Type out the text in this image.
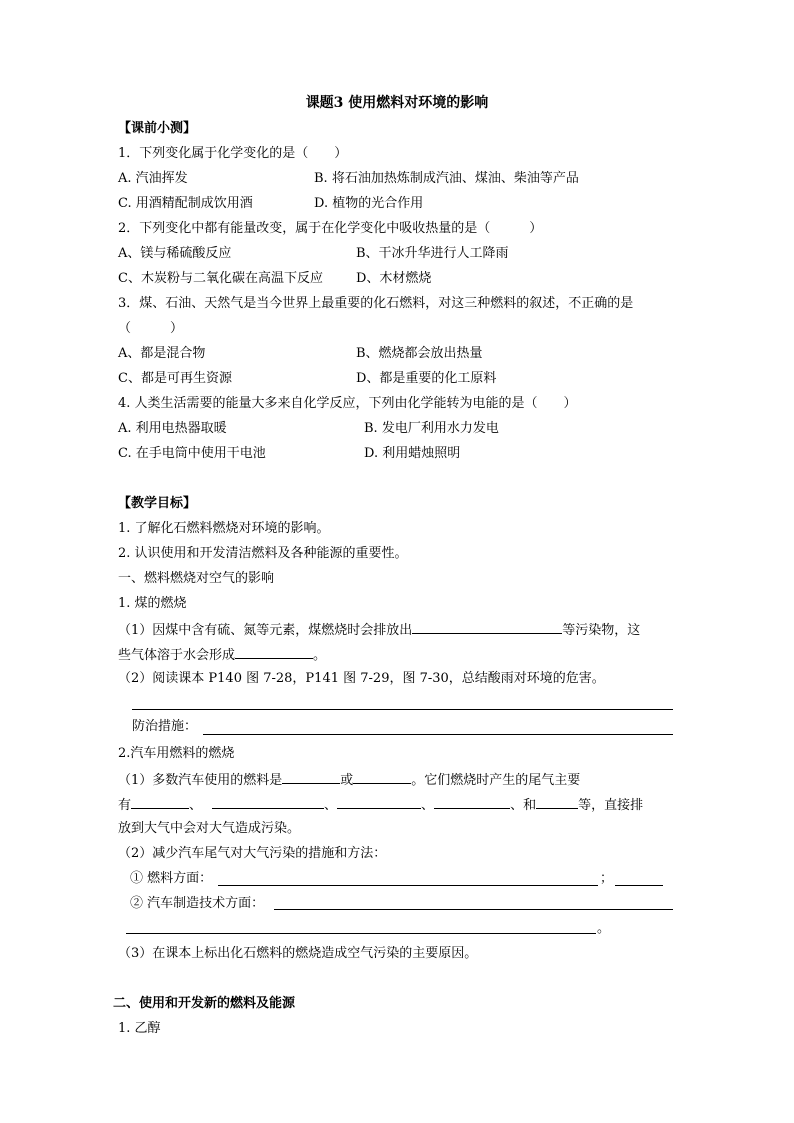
课题3 使用燃料对环境的影响
【课前小测】
1．下列变化属于化学变化的是（　　）
A. 汽油挥发	B. 将石油加热炼制成汽油、煤油、柴油等产品
C. 用酒精配制成饮用酒	D. 植物的光合作用
2．下列变化中都有能量改变，属于在化学变化中吸收热量的是（　　　）
A、镁与稀硫酸反应	B、干冰升华进行人工降雨
C、木炭粉与二氧化碳在高温下反应	D、木材燃烧
3．煤、石油、天然气是当今世界上最重要的化石燃料，对这三种燃料的叙述，不正确的是
（　　　）
A、都是混合物	B、燃烧都会放出热量
C、都是可再生资源	D、都是重要的化工原料
4. 人类生活需要的能量大多来自化学反应，下列由化学能转为电能的是（　　）
A. 利用电热器取暖	B. 发电厂利用水力发电
C. 在手电筒中使用干电池	D. 利用蜡烛照明
【教学目标】
1. 了解化石燃料燃烧对环境的影响。
2. 认识使用和开发清洁燃料及各种能源的重要性。
一、燃料燃烧对空气的影响
1. 煤的燃烧
（1）因煤中含有硫、氮等元素，煤燃烧时会排放出	等污染物，这
些气体溶于水会形成	。
（2）阅读课本 P140 图 7-28，P141 图 7-29，图 7-30，总结酸雨对环境的危害。
防治措施：
2.汽车用燃料的燃烧
（1）多数汽车使用的燃料是	或	。它们燃烧时产生的尾气主要
有	、	、	、	、和	等，直接排
放到大气中会对大气造成污染。
（2）减少汽车尾气对大气污染的措施和方法：
① 燃料方面：	；
② 汽车制造技术方面：
。
（3）在课本上标出化石燃料的燃烧造成空气污染的主要原因。
二、使用和开发新的燃料及能源
1. 乙醇
